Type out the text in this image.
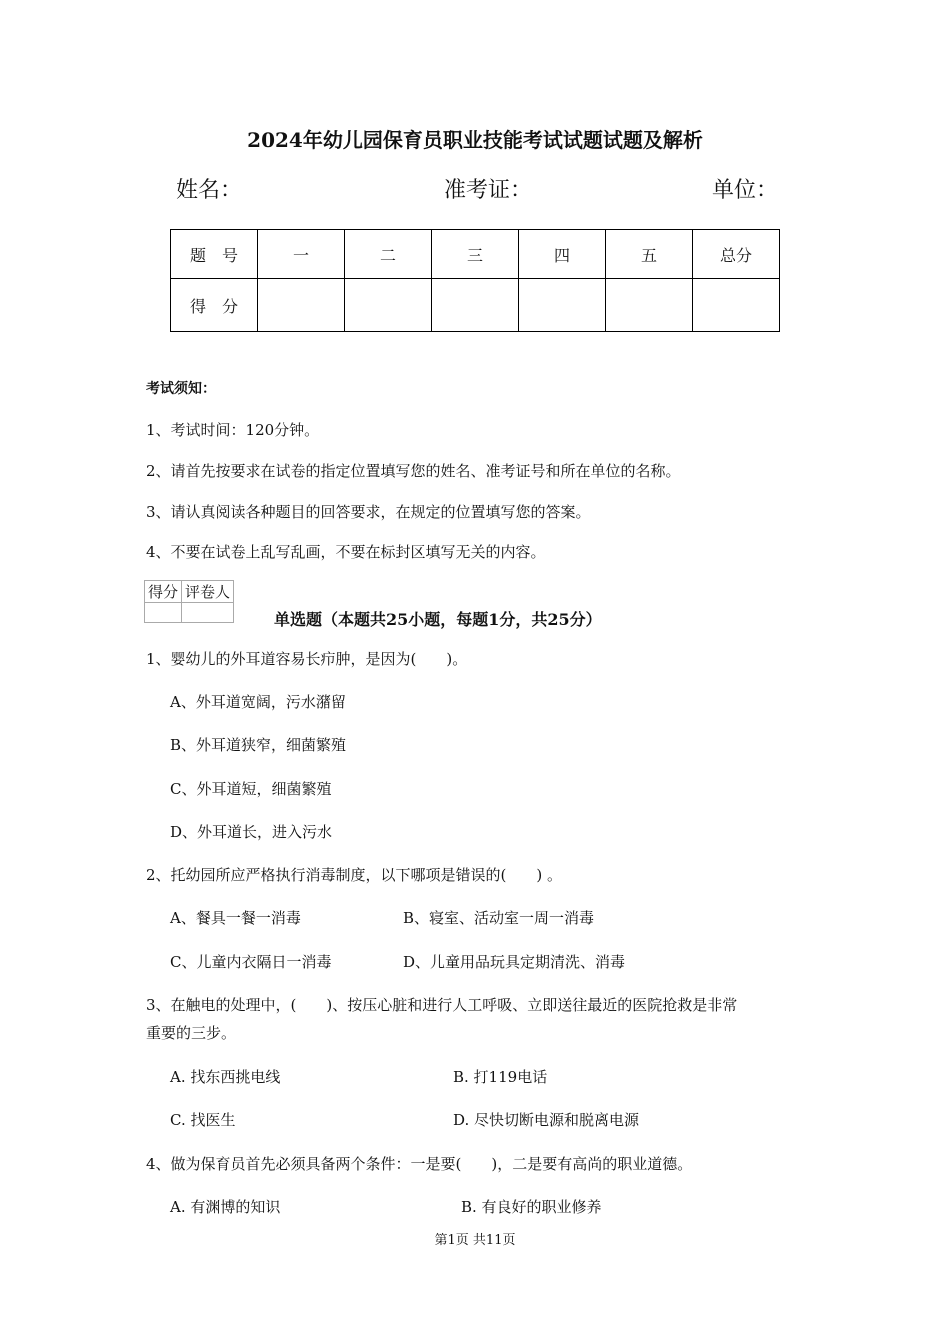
2024年幼儿园保育员职业技能考试试题试题及解析
姓名：	准考证：	单位：
题　号	一	二	三	四	五	总分
得　分						
考试须知：
1、考试时间：120分钟。
2、请首先按要求在试卷的指定位置填写您的姓名、准考证号和所在单位的名称。
3、请认真阅读各种题目的回答要求，在规定的位置填写您的答案。
4、不要在试卷上乱写乱画，不要在标封区填写无关的内容。
得分	评卷人

单选题（本题共25小题，每题1分，共25分）
1、婴幼儿的外耳道容易长疖肿，是因为(　　)。
A、外耳道宽阔，污水潴留
B、外耳道狭窄，细菌繁殖
C、外耳道短，细菌繁殖
D、外耳道长，进入污水
2、托幼园所应严格执行消毒制度，以下哪项是错误的(　　) 。
A、餐具一餐一消毒	B、寝室、活动室一周一消毒
C、儿童内衣隔日一消毒	D、儿童用品玩具定期清洗、消毒
3、在触电的处理中，(　　)、按压心脏和进行人工呼吸、立即送往最近的医院抢救是非常
重要的三步。
A. 找东西挑电线	B. 打119电话
C. 找医生	D. 尽快切断电源和脱离电源
4、做为保育员首先必须具备两个条件：一是要(　　)，二是要有高尚的职业道德。
A. 有渊博的知识	B. 有良好的职业修养
第1页 共11页
